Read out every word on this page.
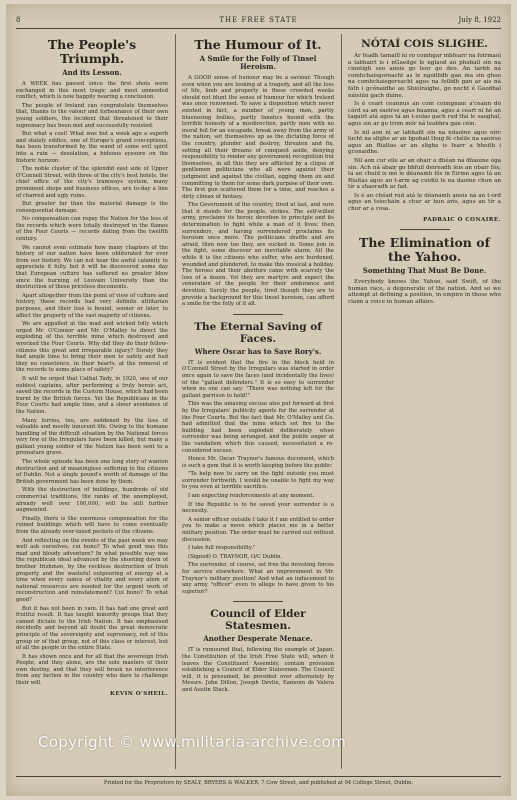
8	THE FREE STATE	July 8, 1922
The People's Triumph.
And its Lesson.

A WEEK has passed since the first shots were exchanged in this most tragic and most unneeded conflict, which is now happily nearing a conclusion.

The people of Ireland can congratulate themselves that, thanks to the valour and forbearance of their own young soldiers, the incident that threatened to their supremacy has been met and successfully resisted.

But what a cost! What was but a week ago a superb and stately edifice, one of Europe's grand conceptions, has been transformed by the wand of some evil spirit into a ruin — desolation, a hideous eyesore on the historic horizon.

The noble cluster of the splendid east side of Upper O'Connell Street, with three of the city's best hotels, the chief office of the city's tramways system, many prominent shops and business offices, are to-day a line of charred and ugly ruins.

But greater far than the material damage is the consequential damage.

No compensation can repay the Nation for the loss of the records which were totally destroyed in the flames of the Four Courts — records dating from the twelfth century.

We cannot even estimate how many chapters of the history of our nation have been obliterated for ever from our history. We can not hear the awful calamity to appreciate it fully, but it will be discovered some day that European culture has suffered no greater blow since the burning of Louvain University than the destruction of these priceless documents.

Apart altogether from the point of view of culture and history, these records had very definite utilitarian purposes, and their loss is bound, sooner or later, to affect the property of the vast majority of citizens.

We are appalled at the mad and wicked folly which urged Mr. O'Connor and Mr. O'Malley to direct the exploding of the terrible mine which destroyed and wrecked the Four Courts. Why did they do their fellow-citizens this great and irreparable injury? Surely they had ample time to bring their men to safety and had they no conscience, in their hearts, at the removal of the records to some place of safety?

It will be urged that Cathal Tady, in 1920, one of our noblest captains, after performing a truly heroic act, saved the records in the Custom House, which had been burnt by the British forces. Yet the Republicans in the Four Courts had ample time, and a sheer avoidance of the Nation.

Many lorries, too, are saddened by the loss of valuable and mostly innocent life. Owing to the humane handling of the difficult situation by the National forces very few of the Irregulars have been killed, but many a gallant young soldier of the Nation has been sent to a premature grave.

The whole episode has been one long story of wanton destruction and of meaningless suffering to the citizens of Dublin. Not a single pound's worth of damage of the British government has been done by them.

With the destruction of buildings, hundreds of old commercial traditions, the ranks of the unemployed, already well over 100,000, will be still further augmented.

Finally, there is the enormous compensation for the ruined buildings which will have to come eventually from the already over-taxed pockets of the citizens.

And reflecting on the events of the past week we may well ask ourselves, cui bono? To what good was this mad and bloody adventure? In what possible way was the republican ideal advanced by the shooting down of brother Irishmen, by the reckless destruction of Irish property and the wasteful outpouring of energy at a time when every ounce of vitality and every atom of national resources are needed for the urgent work of reconstruction and reinstatement? Cui bono? To what good?

But it has not been in vain. It has had one great and fruitful result. It has taught minority groups that they cannot dictate to the Irish Nation. It has emphasised decidedly and beyond all doubt the great democratic principle of the sovereignty and supremacy, not of this group or of that group, not of this class or interest, but of all the people in the entire State.

It has shown once and for all that the sovereign Irish People, and they alone, are the sole masters of their own destiny, and that they will brook no interference from any faction in the country who dare to challenge their will.

KEVIN O'SHEIL.
The Humour of It.
A Smile for the Folly of Tinsel Heroism.

A GOOD sense of humour may be a saviour. Though even when you are looking at a tragedy, and all the loss of life, limb and property in these crowded weeks should not blunt the sense of humour for which Ireland was once renowned. To save a disposition which never existed in fact, a number of young men, partly bluenosing bullies, partly fanatics bound with the terrible honesty of a misdirection, partly men with no moral foil for an escapade, break away from the army of the nation, set themselves up as the dictating force of the country, plunder and destroy, threaten and fix, setting all their dreams of conquest aside, denying responsibility to render any government recognition but themselves, in all this they are afflicted by a clique of gentlemen politicians who all were against their judgment and against the civilian, egging them on and committing to them for some dark purpose of their own. The first gun scattered them for a time, and reaches a dirty climax of fantasy.

The Government of the country, tired at last, and sure that it stands for the people, strikes. The self-willed army, proclaims its heroic devotion to principle and its determination to fight while a man of it lives; then surrenders, and having surrendered proclaims its heroism once more. The politicians shuffle and are afraid, then now too they, are sucked in. Some join in the fight, some discover an inevitable alarm. All the while it is the citizens who suffer, who are burdened, wounded and plundered, to make this musical a holiday. The heroes and their abettors came with scarcely the loss of a dozen. Yet they are martyrs and expect the veneration of the people for their endurance and devotion. Surely the people, tired though they are to provide a background for this tinsel heroism, can afford a smile for the folly of it all.

The Eternal Saving of Faces.
Where Oscar has to Save Rory's.

IT is evident that the fire in the block held in O'Connell Street by the Irregulars was started in order once again to save the faces (and incidentally the lives) of the "gallant defenders." It is so easy to surrender when no one can say: "There was nothing left for the gallant garrison to hold!"

This was the amazing excuse also put forward at first by the Irregulars' publicity agents for the surrender at the Four Courts. But the fact that Mr. O'Malley and Co. had admitted that the mine which set fire to the building had been exploded deliberately when surrender was being arranged, and the public anger at the vandalism which this caused, necessitated a re-considered excuse.

Hence Mr. Oscar Traynor's famous document, which is such a gem that it is worth keeping before the public:

"To help now to carry on the fight outside you must surrender forthwith. I would be unable to fight my way to you even at terrible sacrifice.

I am expecting reinforcements at any moment.

If the Republic is to be saved your surrender is a necessity.

A senior officer outside I take it I am entitled to order you to make a move which places me in a better military position. The order must be carried out without discussion.

I take full responsibility."

(Signed) O. TRAYNOR, O/C Dublin.

The surrender, of course, set free the investing forces for service elsewhere. What an improvement in Mr. Traynor's military position! And what an inducement to any army "officer" even to allege to have given to his superior?

Council of Elder Statesmen.
Another Desperate Menace.

IT is rumoured that, following the example of Japan, the Constitution of the Irish Free State will, when it leaves the Constituent Assembly, contain provision establishing a Council of Elder Statesmen. The Council will, it is presumed, be presided over alternately by Messrs. John Dillon, Joseph Devlin, Eamonn de Valera and Austin Stack.

NÓTAÍ COIS SLIGHE.

Ar feadh tamaill ni ro comhgar mbfearr na foirmaoi a labhairt is i nGaeilge le nglaod an phobail sin na cinntigh seo anois go leor go deo. An tarbh ná comhchaisgoreacht as le ngoillidh gan ina sin ghoo na comhchaisgoreacht agus na feilidh gan ar ais ná fáth i gcónaidhe ao Shiolraighe, go nocht é Gaodhal náisiún gach duine.

Is é ceart ceannus an com coimgnam a'ceann do cárd sa an saoirse agus buanna, agus a ceart ní hé an tagairt atá agus tá an t-eolas gach rud thá le saoghal, agus sin ar go trom mór ná leabhra gan céin.

Is nil aon ní ar labhailt sin na ndaoine agus oirc lucht na slighe ar an bpobail thug fé chéile na saoirse agus an Rialtas ar an slighe is fearr a bheith i gconaidhe.

Nil aon cur eile ar an obair a dhéan na dhaoine óga sin. Ach ná abair go bhfuil deireadh leis an obair fós; tá an chuid is mó le déanamh fós in Eirinn agus tá an Rialtas agus an t-arm ag cuidiú le na daoine chun an tír a shaoradh ar fad.

Is é an chéad rud atá le déanamh anois ná an t-ord agus an tsíocháin a chur ar bun arís, agus an tír a chur ar a cosa.

PÁDRAIC Ó CONAIRE.
The Elimination of the Yahoo.
Something That Must Be Done.

Everybody knows the Yahoo, said Swift, of the human race, a degenerate of the nation. And so we attempt at defining a position, in empire in those who claim a voice in human affairs.

Printed for the Proprietors by SEALY, BRYERS & WALKER, 7 Cow Street, and published at 94 College Street, Dublin.
Copyright © www.militaria-archive.com
